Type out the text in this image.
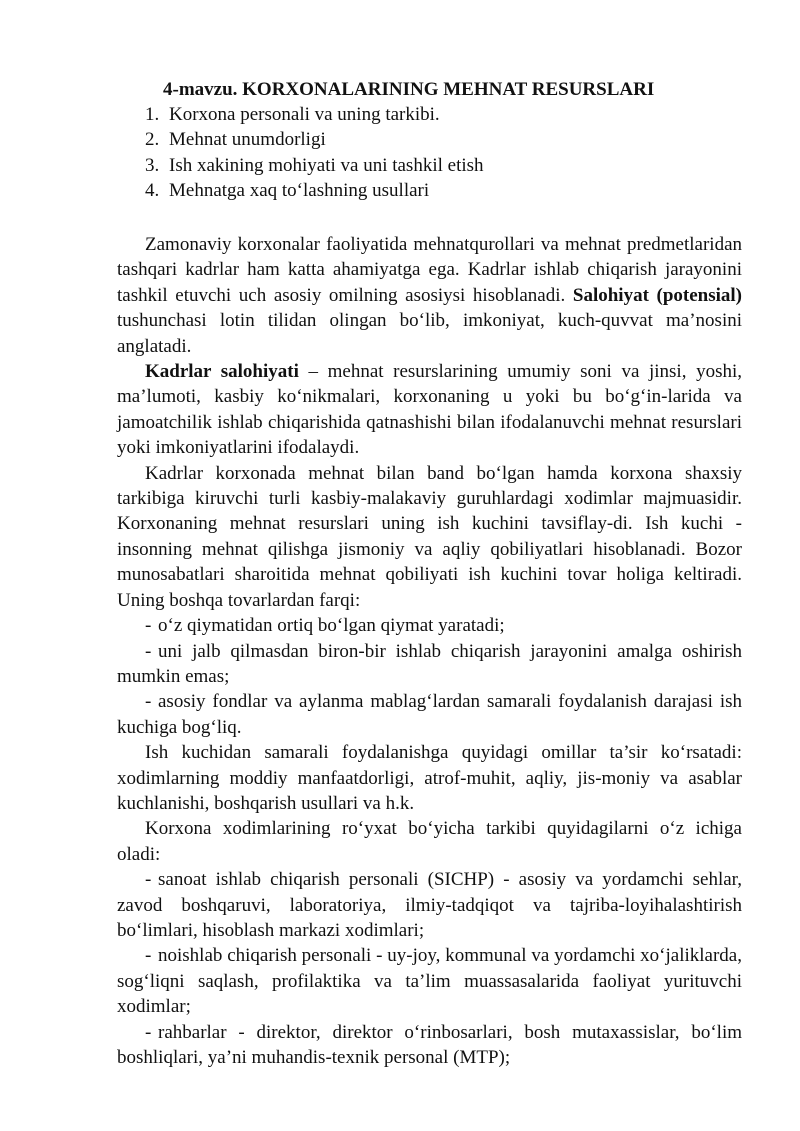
4-mavzu. KORXONALARINING MEHNAT RESURSLARI
1. Korxona personali va uning tarkibi.
2. Mehnat unumdorligi
3. Ish xakining mohiyati va uni tashkil etish
4. Mehnatga xaq to‘lashning usullari

Zamonaviy korxonalar faoliyatida mehnatqurollari va mehnat predmetlaridan tashqari kadrlar ham katta ahamiyatga ega. Kadrlar ishlab chiqarish jarayonini tashkil etuvchi uch asosiy omilning asosiysi hisoblanadi. Salohiyat (potensial) tushunchasi lotin tilidan olingan bo‘lib, imkoniyat, kuch-quvvat ma’nosini anglatadi.

Kadrlar salohiyati – mehnat resurslarining umumiy soni va jinsi, yoshi, ma’lumoti, kasbiy ko‘nikmalari, korxonaning u yoki bu bo‘g‘in-larida va jamoatchilik ishlab chiqarishida qatnashishi bilan ifodalanuvchi mehnat resurslari yoki imkoniyatlarini ifodalaydi.

Kadrlar korxonada mehnat bilan band bo‘lgan hamda korxona shaxsiy tarkibiga kiruvchi turli kasbiy-malakaviy guruhlardagi xodimlar majmuasidir. Korxonaning mehnat resurslari uning ish kuchini tavsiflay-di. Ish kuchi - insonning mehnat qilishga jismoniy va aqliy qobiliyatlari hisoblanadi. Bozor munosabatlari sharoitida mehnat qobiliyati ish kuchini tovar holiga keltiradi. Uning boshqa tovarlardan farqi:

- o‘z qiymatidan ortiq bo‘lgan qiymat yaratadi;

- uni jalb qilmasdan biron-bir ishlab chiqarish jarayonini amalga oshirish mumkin emas;

- asosiy fondlar va aylanma mablag‘lardan samarali foydalanish darajasi ish kuchiga bog‘liq.

Ish kuchidan samarali foydalanishga quyidagi omillar ta’sir ko‘rsatadi: xodimlarning moddiy manfaatdorligi, atrof-muhit, aqliy, jis-moniy va asablar kuchlanishi, boshqarish usullari va h.k.

Korxona xodimlarining ro‘yxat bo‘yicha tarkibi quyidagilarni o‘z ichiga oladi:

- sanoat ishlab chiqarish personali (SICHP) - asosiy va yordamchi sehlar, zavod boshqaruvi, laboratoriya, ilmiy-tadqiqot va tajriba-loyihalashtirish bo‘limlari, hisoblash markazi xodimlari;

- noishlab chiqarish personali - uy-joy, kommunal va yordamchi xo‘jaliklarda, sog‘liqni saqlash, profilaktika va ta’lim muassasalarida faoliyat yurituvchi xodimlar;

- rahbarlar - direktor, direktor o‘rinbosarlari, bosh mutaxassislar, bo‘lim boshliqlari, ya’ni muhandis-texnik personal (MTP);
